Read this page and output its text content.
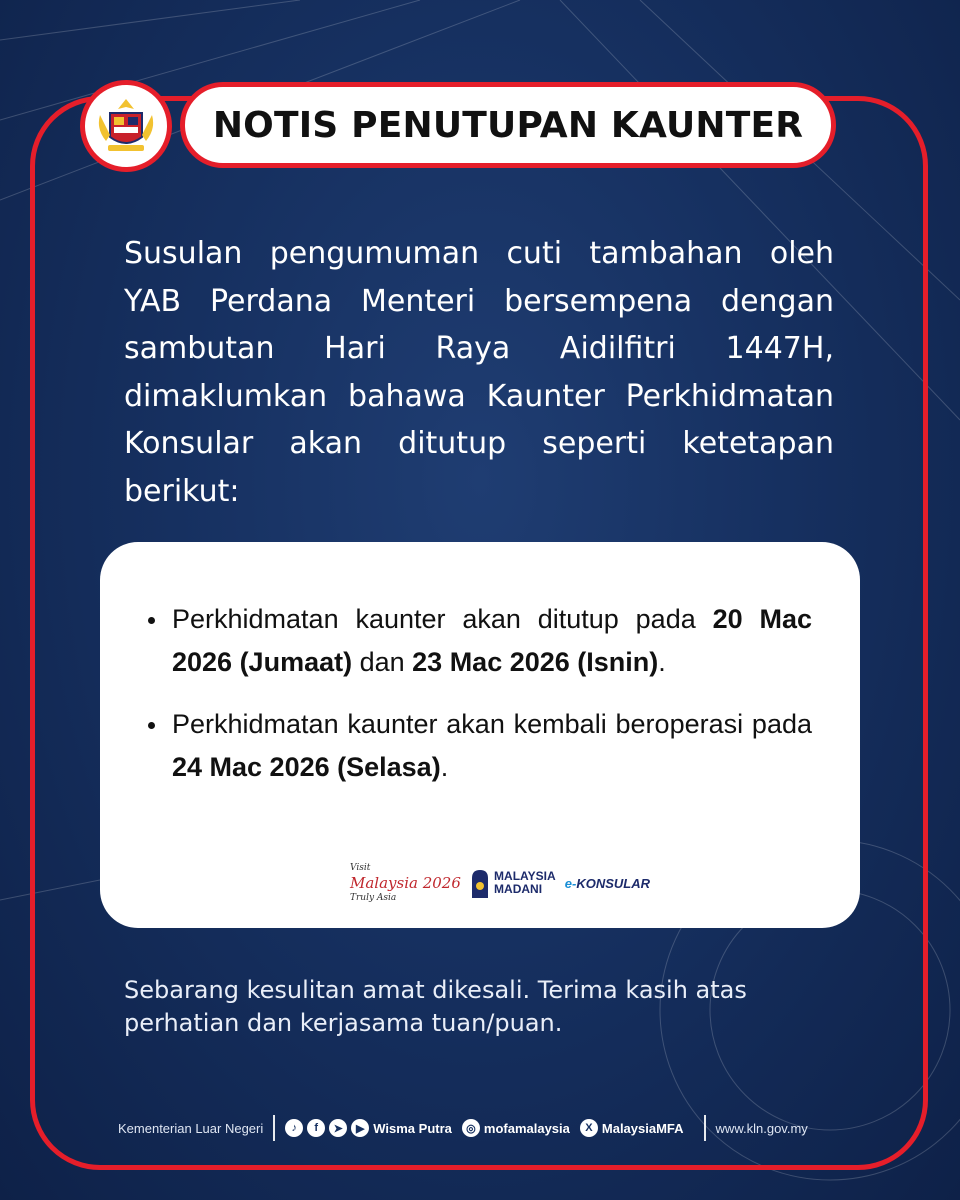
NOTIS PENUTUPAN KAUNTER

Susulan pengumuman cuti tambahan oleh YAB Perdana Menteri bersempena dengan sambutan Hari Raya Aidilfitri 1447H, dimaklumkan bahawa Kaunter Perkhidmatan Konsular akan ditutup seperti ketetapan berikut:

Perkhidmatan kaunter akan ditutup pada 20 Mac 2026 (Jumaat) dan 23 Mac 2026 (Isnin).
Perkhidmatan kaunter akan kembali beroperasi pada 24 Mac 2026 (Selasa).
Visit
Malaysia 2026
Truly Asia
MALAYSIA
MADANI	e-KONSULAR

Sebarang kesulitan amat dikesali. Terima kasih atas perhatian dan kerjasama tuan/puan.

Kementerian Luar Negeri	♪	f	➤	▶ Wisma Putra	◎ mofamalaysia	X MalaysiaMFA www.kln.gov.my
